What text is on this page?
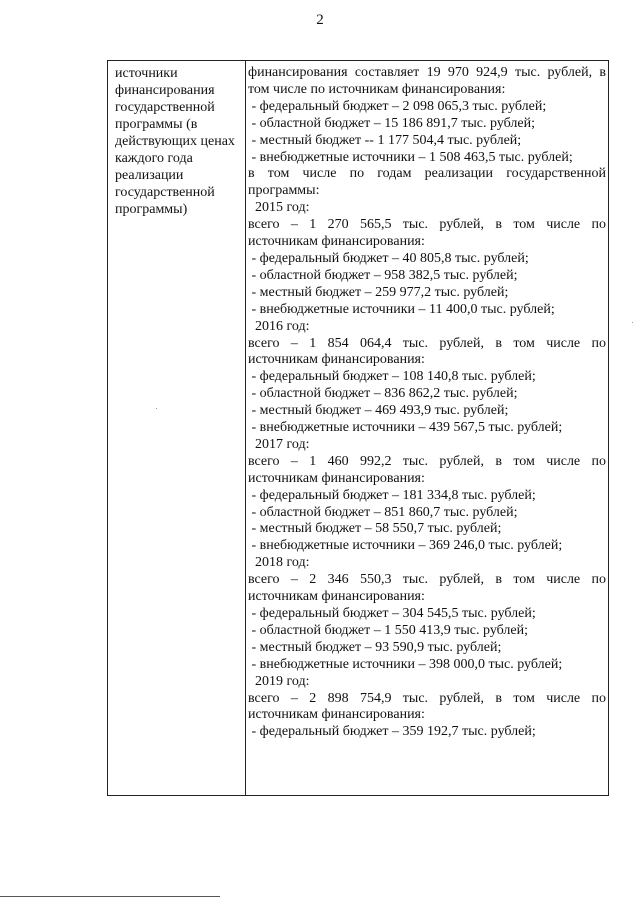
2
источники
финансирования
государственной
программы (в
действующих ценах
каждого года
реализации
государственной
программы)
финансирования составляет 19 970 924,9 тыс. рублей, в
том числе по источникам финансирования:
- федеральный бюджет – 2 098 065,3 тыс. рублей;
- областной бюджет – 15 186 891,7 тыс. рублей;
- местный бюджет -- 1 177 504,4 тыс. рублей;
- внебюджетные источники – 1 508 463,5 тыс. рублей;
в том числе по годам реализации государственной
программы:
2015 год:
всего – 1 270 565,5 тыс. рублей, в том числе по
источникам финансирования:
- федеральный бюджет – 40 805,8 тыс. рублей;
- областной бюджет – 958 382,5 тыс. рублей;
- местный бюджет – 259 977,2 тыс. рублей;
- внебюджетные источники – 11 400,0 тыс. рублей;
2016 год:
всего – 1 854 064,4 тыс. рублей, в том числе по
источникам финансирования:
- федеральный бюджет – 108 140,8 тыс. рублей;
- областной бюджет – 836 862,2 тыс. рублей;
- местный бюджет – 469 493,9 тыс. рублей;
- внебюджетные источники – 439 567,5 тыс. рублей;
2017 год:
всего – 1 460 992,2 тыс. рублей, в том числе по
источникам финансирования:
- федеральный бюджет – 181 334,8 тыс. рублей;
- областной бюджет – 851 860,7 тыс. рублей;
- местный бюджет – 58 550,7 тыс. рублей;
- внебюджетные источники – 369 246,0 тыс. рублей;
2018 год:
всего – 2 346 550,3 тыс. рублей, в том числе по
источникам финансирования:
- федеральный бюджет – 304 545,5 тыс. рублей;
- областной бюджет – 1 550 413,9 тыс. рублей;
- местный бюджет – 93 590,9 тыс. рублей;
- внебюджетные источники – 398 000,0 тыс. рублей;
2019 год:
всего – 2 898 754,9 тыс. рублей, в том числе по
источникам финансирования:
- федеральный бюджет – 359 192,7 тыс. рублей;
